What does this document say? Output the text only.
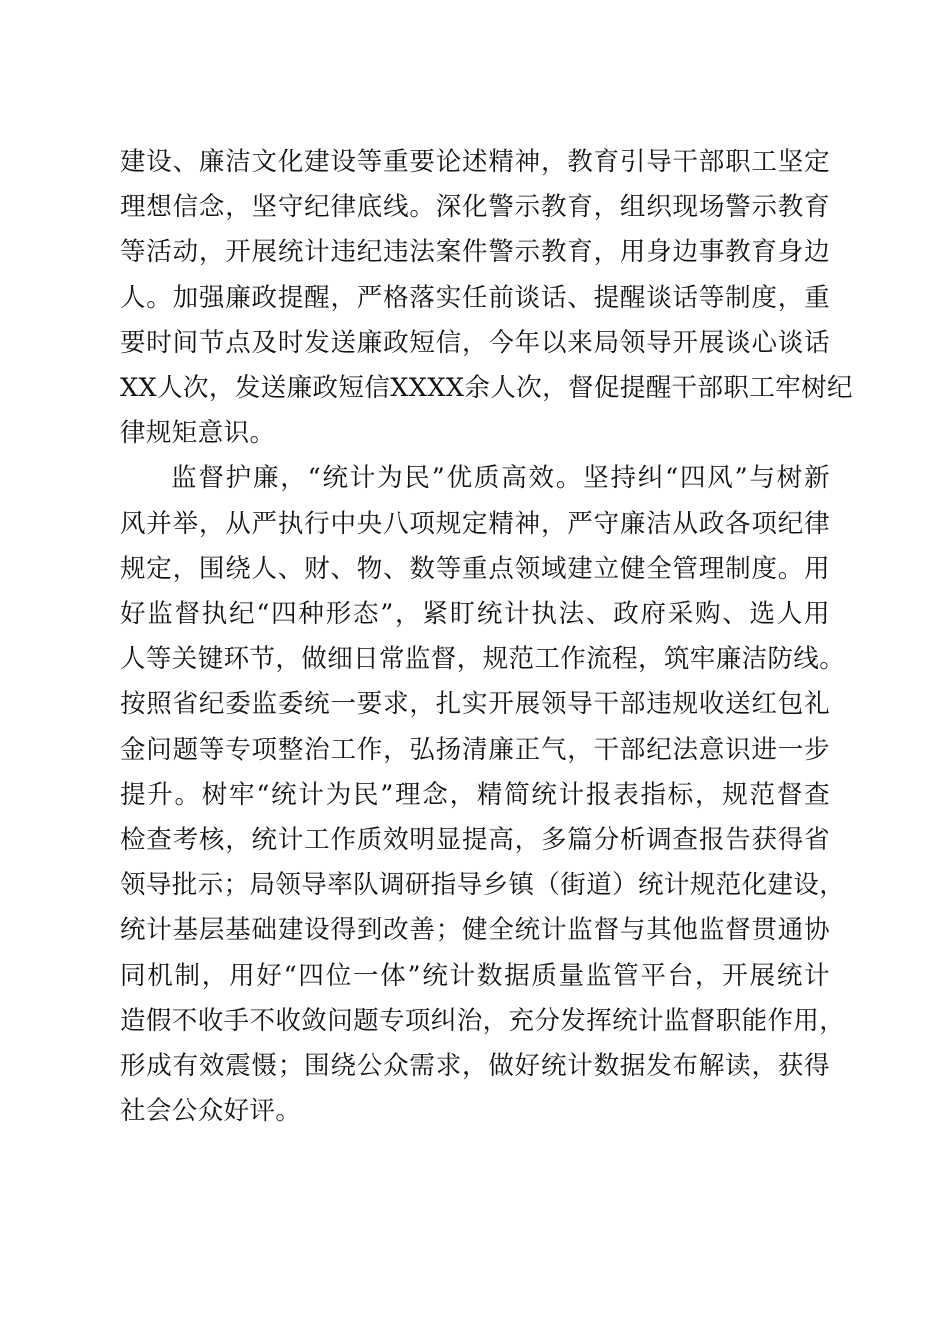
建设、廉洁文化建设等重要论述精神，教育引导干部职工坚定
理想信念，坚守纪律底线。深化警示教育，组织现场警示教育
等活动，开展统计违纪违法案件警示教育，用身边事教育身边
人。加强廉政提醒，严格落实任前谈话、提醒谈话等制度，重
要时间节点及时发送廉政短信，今年以来局领导开展谈心谈话
XX人次，发送廉政短信XXXX余人次，督促提醒干部职工牢树纪
律规矩意识。

监督护廉，“统计为民”优质高效。坚持纠“四风”与树新
风并举，从严执行中央八项规定精神，严守廉洁从政各项纪律
规定，围绕人、财、物、数等重点领域建立健全管理制度。用
好监督执纪“四种形态”，紧盯统计执法、政府采购、选人用
人等关键环节，做细日常监督，规范工作流程，筑牢廉洁防线。
按照省纪委监委统一要求，扎实开展领导干部违规收送红包礼
金问题等专项整治工作，弘扬清廉正气，干部纪法意识进一步
提升。树牢“统计为民”理念，精简统计报表指标，规范督查
检查考核，统计工作质效明显提高，多篇分析调查报告获得省
领导批示；局领导率队调研指导乡镇（街道）统计规范化建设，
统计基层基础建设得到改善；健全统计监督与其他监督贯通协
同机制，用好“四位一体”统计数据质量监管平台，开展统计
造假不收手不收敛问题专项纠治，充分发挥统计监督职能作用，
形成有效震慑；围绕公众需求，做好统计数据发布解读，获得
社会公众好评。
